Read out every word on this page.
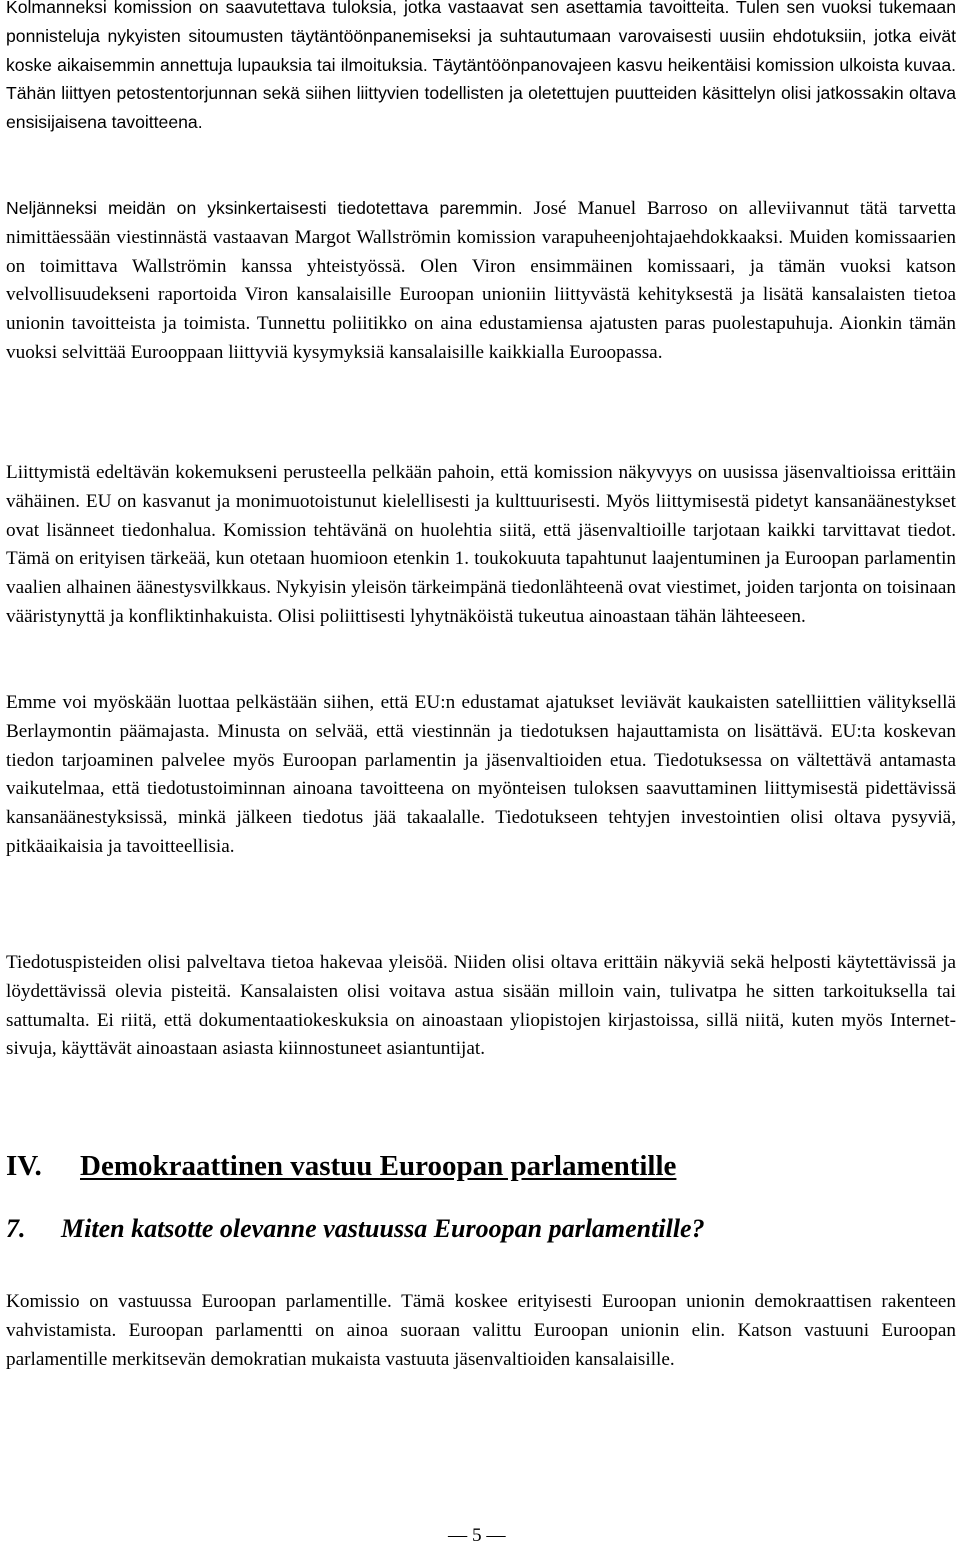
Kolmanneksi komission on saavutettava tuloksia, jotka vastaavat sen asettamia tavoitteita. Tulen sen vuoksi tukemaan ponnisteluja nykyisten sitoumusten täytäntöönpanemiseksi ja suhtautumaan varovaisesti uusiin ehdotuksiin, jotka eivät koske aikaisemmin annettuja lupauksia tai ilmoituksia. Täytäntöönpanovajeen kasvu heikentäisi komission ulkoista kuvaa. Tähän liittyen petostentorjunnan sekä siihen liittyvien todellisten ja oletettujen puutteiden käsittelyn olisi jatkossakin oltava ensisijaisena tavoitteena.

Neljänneksi meidän on yksinkertaisesti tiedotettava paremmin. José Manuel Barroso on alleviivannut tätä tarvetta nimittäessään viestinnästä vastaavan Margot Wallströmin komission varapuheenjohtajaehdokkaaksi. Muiden komissaarien on toimittava Wallströmin kanssa yhteistyössä. Olen Viron ensimmäinen komissaari, ja tämän vuoksi katson velvollisuudekseni raportoida Viron kansalaisille Euroopan unioniin liittyvästä kehityksestä ja lisätä kansalaisten tietoa unionin tavoitteista ja toimista. Tunnettu poliitikko on aina edustamiensa ajatusten paras puolestapuhuja. Aionkin tämän vuoksi selvittää Eurooppaan liittyviä kysymyksiä kansalaisille kaikkialla Euroopassa.

Liittymistä edeltävän kokemukseni perusteella pelkään pahoin, että komission näkyvyys on uusissa jäsenvaltioissa erittäin vähäinen. EU on kasvanut ja monimuotoistunut kielellisesti ja kulttuurisesti. Myös liittymisestä pidetyt kansanäänestykset ovat lisänneet tiedonhalua. Komission tehtävänä on huolehtia siitä, että jäsenvaltioille tarjotaan kaikki tarvittavat tiedot. Tämä on erityisen tärkeää, kun otetaan huomioon etenkin 1. toukokuuta tapahtunut laajentuminen ja Euroopan parlamentin vaalien alhainen äänestysvilkkaus. Nykyisin yleisön tärkeimpänä tiedonlähteenä ovat viestimet, joiden tarjonta on toisinaan vääristynyttä ja konfliktinhakuista. Olisi poliittisesti lyhytnäköistä tukeutua ainoastaan tähän lähteeseen.

Emme voi myöskään luottaa pelkästään siihen, että EU:n edustamat ajatukset leviävät kaukaisten satelliittien välityksellä Berlaymontin päämajasta. Minusta on selvää, että viestinnän ja tiedotuksen hajauttamista on lisättävä. EU:ta koskevan tiedon tarjoaminen palvelee myös Euroopan parlamentin ja jäsenvaltioiden etua. Tiedotuksessa on vältettävä antamasta vaikutelmaa, että tiedotustoiminnan ainoana tavoitteena on myönteisen tuloksen saavuttaminen liittymisestä pidettävissä kansanäänestyksissä, minkä jälkeen tiedotus jää takaalalle. Tiedotukseen tehtyjen investointien olisi oltava pysyviä, pitkäaikaisia ja tavoitteellisia.

Tiedotuspisteiden olisi palveltava tietoa hakevaa yleisöä. Niiden olisi oltava erittäin näkyviä sekä helposti käytettävissä ja löydettävissä olevia pisteitä. Kansalaisten olisi voitava astua sisään milloin vain, tulivatpa he sitten tarkoituksella tai sattumalta. Ei riitä, että dokumentaatiokeskuksia on ainoastaan yliopistojen kirjastoissa, sillä niitä, kuten myös Internet-sivuja, käyttävät ainoastaan asiasta kiinnostuneet asiantuntijat.

IV. Demokraattinen vastuu Euroopan parlamentille
7. Miten katsotte olevanne vastuussa Euroopan parlamentille?

Komissio on vastuussa Euroopan parlamentille. Tämä koskee erityisesti Euroopan unionin demokraattisen rakenteen vahvistamista. Euroopan parlamentti on ainoa suoraan valittu Euroopan unionin elin. Katson vastuuni Euroopan parlamentille merkitsevän demokratian mukaista vastuuta jäsenvaltioiden kansalaisille.

— 5 —
